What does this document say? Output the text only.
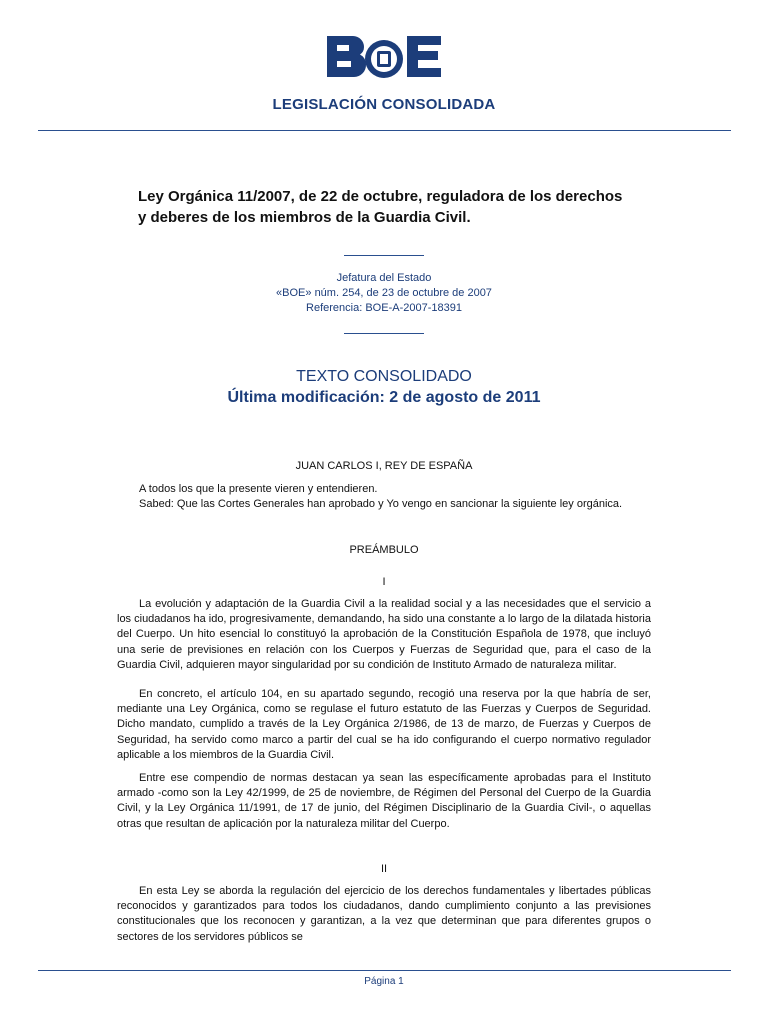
LEGISLACIÓN CONSOLIDADA
Ley Orgánica 11/2007, de 22 de octubre, reguladora de los derechos
y deberes de los miembros de la Guardia Civil.
Jefatura del Estado
«BOE» núm. 254, de 23 de octubre de 2007
Referencia: BOE-A-2007-18391
TEXTO CONSOLIDADO
Última modificación: 2 de agosto de 2011
JUAN CARLOS I, REY DE ESPAÑA

A todos los que la presente vieren y entendieren.

Sabed: Que las Cortes Generales han aprobado y Yo vengo en sancionar la siguiente ley orgánica.

PREÁMBULO
I

La evolución y adaptación de la Guardia Civil a la realidad social y a las necesidades que el servicio a los ciudadanos ha ido, progresivamente, demandando, ha sido una constante a lo largo de la dilatada historia del Cuerpo. Un hito esencial lo constituyó la aprobación de la Constitución Española de 1978, que incluyó una serie de previsiones en relación con los Cuerpos y Fuerzas de Seguridad que, para el caso de la Guardia Civil, adquieren mayor singularidad por su condición de Instituto Armado de naturaleza militar.

En concreto, el artículo 104, en su apartado segundo, recogió una reserva por la que habría de ser, mediante una Ley Orgánica, como se regulase el futuro estatuto de las Fuerzas y Cuerpos de Seguridad. Dicho mandato, cumplido a través de la Ley Orgánica 2/1986, de 13 de marzo, de Fuerzas y Cuerpos de Seguridad, ha servido como marco a partir del cual se ha ido configurando el cuerpo normativo regulador aplicable a los miembros de la Guardia Civil.

Entre ese compendio de normas destacan ya sean las específicamente aprobadas para el Instituto armado -como son la Ley 42/1999, de 25 de noviembre, de Régimen del Personal del Cuerpo de la Guardia Civil, y la Ley Orgánica 11/1991, de 17 de junio, del Régimen Disciplinario de la Guardia Civil-, o aquellas otras que resultan de aplicación por la naturaleza militar del Cuerpo.

II

En esta Ley se aborda la regulación del ejercicio de los derechos fundamentales y libertades públicas reconocidos y garantizados para todos los ciudadanos, dando cumplimiento conjunto a las previsiones constitucionales que los reconocen y garantizan, a la vez que determinan que para diferentes grupos o sectores de los servidores públicos se

Página 1
